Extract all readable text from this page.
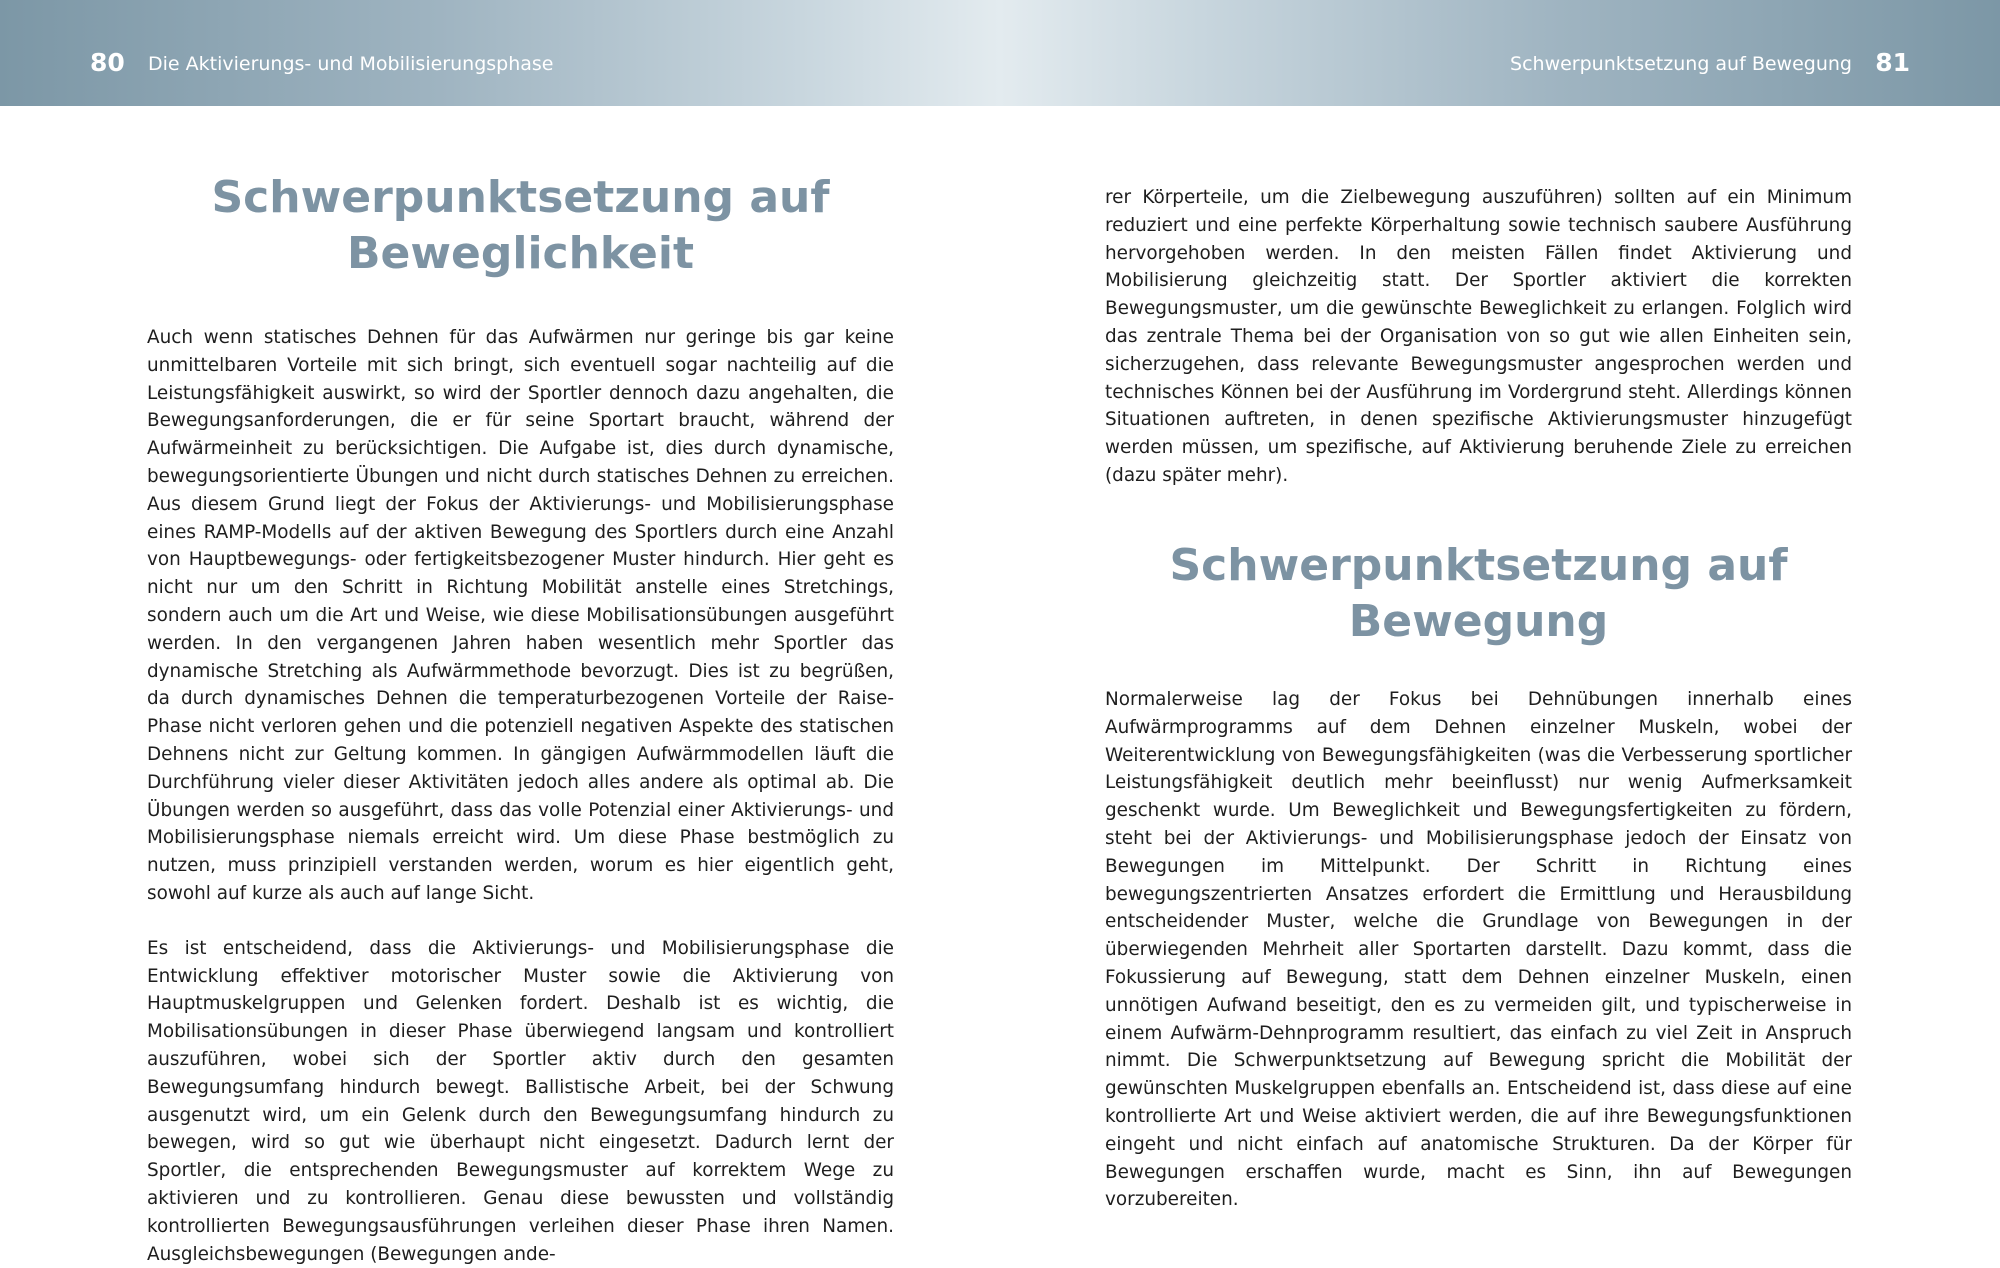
80 Die Aktivierungs- und Mobilisierungsphase	Schwerpunktsetzung auf Bewegung 81
Schwerpunktsetzung auf
Beweglichkeit

Auch wenn statisches Dehnen für das Aufwärmen nur geringe bis gar keine unmittelbaren Vorteile mit sich bringt, sich eventuell sogar nachteilig auf die Leistungsfähigkeit auswirkt, so wird der Sportler dennoch dazu angehalten, die Bewegungsanforderungen, die er für seine Sportart braucht, während der Aufwärmeinheit zu berücksichtigen. Die Aufgabe ist, dies durch dynamische, bewegungsorientierte Übungen und nicht durch statisches Dehnen zu erreichen. Aus diesem Grund liegt der Fokus der Aktivierungs- und Mobilisierungsphase eines RAMP-Modells auf der aktiven Bewegung des Sportlers durch eine Anzahl von Hauptbewegungs- oder fertigkeitsbezogener Muster hindurch. Hier geht es nicht nur um den Schritt in Richtung Mobilität anstelle eines Stretchings, sondern auch um die Art und Weise, wie diese Mobilisationsübungen ausgeführt werden. In den vergangenen Jahren haben wesentlich mehr Sportler das dynamische Stretching als Aufwärmmethode bevorzugt. Dies ist zu begrüßen, da durch dynamisches Dehnen die temperaturbezogenen Vorteile der Raise-Phase nicht verloren gehen und die potenziell negativen Aspekte des statischen Dehnens nicht zur Geltung kommen. In gängigen Aufwärmmodellen läuft die Durchführung vieler dieser Aktivitäten jedoch alles andere als optimal ab. Die Übungen werden so ausgeführt, dass das volle Potenzial einer Aktivierungs- und Mobilisierungsphase niemals erreicht wird. Um diese Phase bestmöglich zu nutzen, muss prinzipiell verstanden werden, worum es hier eigentlich geht, sowohl auf kurze als auch auf lange Sicht.

Es ist entscheidend, dass die Aktivierungs- und Mobilisierungsphase die Entwicklung effektiver motorischer Muster sowie die Aktivierung von Hauptmuskelgruppen und Gelenken fordert. Deshalb ist es wichtig, die Mobilisationsübungen in dieser Phase überwiegend langsam und kontrolliert auszuführen, wobei sich der Sportler aktiv durch den gesamten Bewegungsumfang hindurch bewegt. Ballistische Arbeit, bei der Schwung ausgenutzt wird, um ein Gelenk durch den Bewegungsumfang hindurch zu bewegen, wird so gut wie überhaupt nicht eingesetzt. Dadurch lernt der Sportler, die entsprechenden Bewegungsmuster auf korrektem Wege zu aktivieren und zu kontrollieren. Genau diese bewussten und vollständig kontrollierten Bewegungsausführungen verleihen dieser Phase ihren Namen. Ausgleichsbewegungen (Bewegungen ande-

rer Körperteile, um die Zielbewegung auszuführen) sollten auf ein Minimum reduziert und eine perfekte Körperhaltung sowie technisch saubere Ausführung hervorgehoben werden. In den meisten Fällen findet Aktivierung und Mobilisierung gleichzeitig statt. Der Sportler aktiviert die korrekten Bewegungsmuster, um die gewünschte Beweglichkeit zu erlangen. Folglich wird das zentrale Thema bei der Organisation von so gut wie allen Einheiten sein, sicherzugehen, dass relevante Bewegungsmuster angesprochen werden und technisches Können bei der Ausführung im Vordergrund steht. Allerdings können Situationen auftreten, in denen spezifische Aktivierungsmuster hinzugefügt werden müssen, um spezifische, auf Aktivierung beruhende Ziele zu erreichen (dazu später mehr).

Schwerpunktsetzung auf
Bewegung

Normalerweise lag der Fokus bei Dehnübungen innerhalb eines Aufwärmprogramms auf dem Dehnen einzelner Muskeln, wobei der Weiterentwicklung von Bewegungsfähigkeiten (was die Verbesserung sportlicher Leistungsfähigkeit deutlich mehr beeinflusst) nur wenig Aufmerksamkeit geschenkt wurde. Um Beweglichkeit und Bewegungsfertigkeiten zu fördern, steht bei der Aktivierungs- und Mobilisierungsphase jedoch der Einsatz von Bewegungen im Mittelpunkt. Der Schritt in Richtung eines bewegungszentrierten Ansatzes erfordert die Ermittlung und Herausbildung entscheidender Muster, welche die Grundlage von Bewegungen in der überwiegenden Mehrheit aller Sportarten darstellt. Dazu kommt, dass die Fokussierung auf Bewegung, statt dem Dehnen einzelner Muskeln, einen unnötigen Aufwand beseitigt, den es zu vermeiden gilt, und typischerweise in einem Aufwärm-Dehnprogramm resultiert, das einfach zu viel Zeit in Anspruch nimmt. Die Schwerpunktsetzung auf Bewegung spricht die Mobilität der gewünschten Muskelgruppen ebenfalls an. Entscheidend ist, dass diese auf eine kontrollierte Art und Weise aktiviert werden, die auf ihre Bewegungsfunktionen eingeht und nicht einfach auf anatomische Strukturen. Da der Körper für Bewegungen erschaffen wurde, macht es Sinn, ihn auf Bewegungen vorzubereiten.
